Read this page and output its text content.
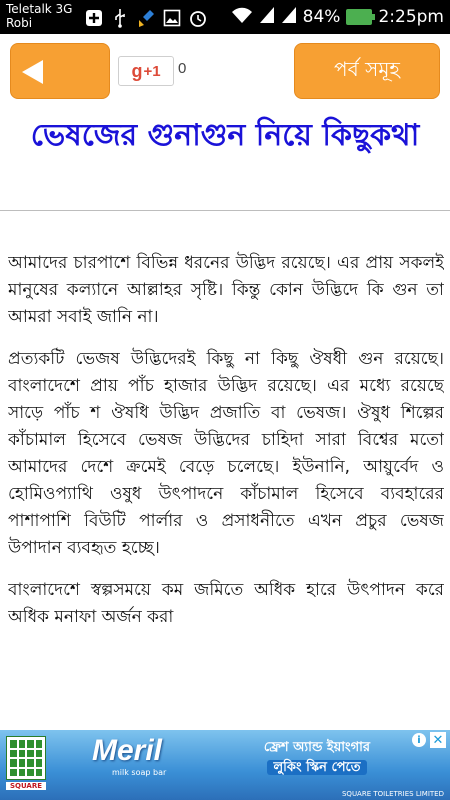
Teletalk 3G
Robi	84% 2:25pm
g +1 0	পর্ব সমূহ
ভেষজের গুনাগুন নিয়ে কিছুকথা

আমাদের চারপাশে বিভিন্ন ধরনের উদ্ভিদ রয়েছে। এর প্রায় সকলই মানুষের কল্যানে আল্লাহর সৃষ্টি। কিন্তু কোন উদ্ভিদে কি গুন তা আমরা সবাই জানি না।

প্রত্যকটি ভেজষ উদ্ভিদেরই কিছু না কিছু ঔষধী গুন রয়েছে। বাংলাদেশে প্রায় পাঁচ হাজার উদ্ভিদ রয়েছে। এর মধ্যে রয়েছে সাড়ে পাঁচ শ ঔষধি উদ্ভিদ প্রজাতি বা ভেষজ। ঔষুধ শিল্পের কাঁচামাল হিসেবে ভেষজ উদ্ভিদের চাহিদা সারা বিশ্বের মতো আমাদের দেশে ক্রমেই বেড়ে চলেছে। ইউনানি, আয়ুর্বেদ ও হোমিওপ্যাথি ওষুধ উৎপাদনে কাঁচামাল হিসেবে ব্যবহারের পাশাপাশি বিউটি পার্লার ও প্রসাধনীতে এখন প্রচুর ভেষজ উপাদান ব্যবহৃত হচ্ছে।

বাংলাদেশে স্বল্পসময়ে কম জমিতে অধিক হারে উৎপাদন করে অধিক মনাফা অর্জন করা

SQUARE
Meril
milk soap bar
ফ্রেশ অ্যান্ড ইয়াংগার
লুকিং স্কিন পেতে
SQUARE TOILETRIES LIMITED
i ✕
